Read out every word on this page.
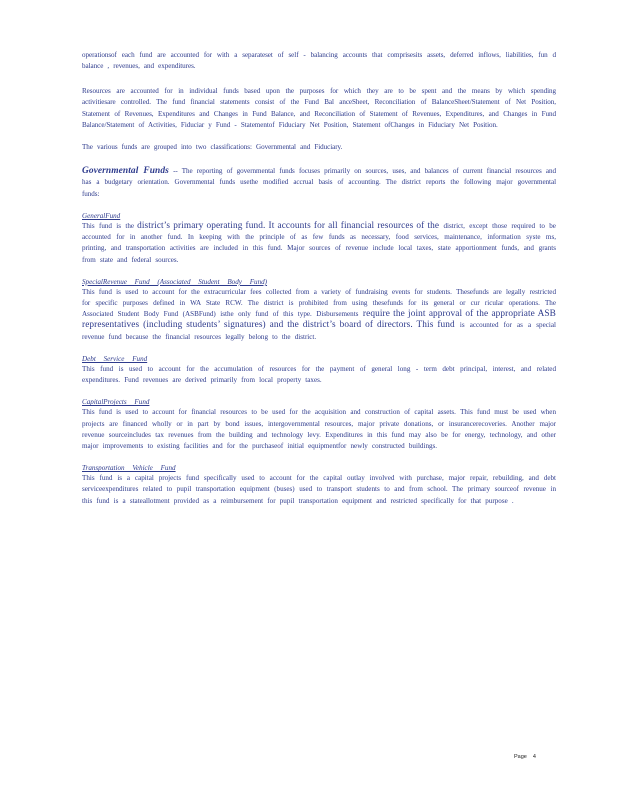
operationsof each fund are accounted for with a separateset of self - balancing accounts that comprisesits assets, deferred inflows, liabilities, fun d balance , revenues, and expenditures.

Resources are accounted for in individual funds based upon the purposes for which they are to be spent and the means by which spending activitiesare controlled. The fund financial statements consist of the Fund Bal anceSheet, Reconciliation of BalanceSheet/Statement of Net Position, Statement of Revenues, Expenditures and Changes in Fund Balance, and Reconciliation of Statement of Revenues, Expenditures, and Changes in Fund Balance/Statement of Activities, Fiduciar y Fund - Statementof Fiduciary Net Position, Statement ofChanges in Fiduciary Net Position.

The various funds are grouped into two classifications: Governmental and Fiduciary.

Governmental Funds -- The reporting of governmental funds focuses primarily on sources, uses, and balances of current financial resources and has a budgetary orientation. Governmental funds usethe modified accrual basis of accounting. The district reports the following major governmental funds:

GeneralFund

This fund is the district’s primary operating fund. It accounts for all financial resources of the district, except those required to be accounted for in another fund. In keeping with the principle of as few funds as necessary, food services, maintenance, information syste ms, printing, and transportation activities are included in this fund. Major sources of revenue include local taxes, state apportionment funds, and grants from state and federal sources.

SpecialRevenue Fund (Associated Student Body Fund)

This fund is used to account for the extracurricular fees collected from a variety of fundraising events for students. Thesefunds are legally restricted for specific purposes defined in WA State RCW. The district is prohibited from using thesefunds for its general or cur ricular operations. The Associated Student Body Fund (ASBFund) isthe only fund of this type. Disbursements require the joint approval of the appropriate ASB representatives (including students’ signatures) and the district’s board of directors. This fund is accounted for as a special revenue fund because the financial resources legally belong to the district.

Debt Service Fund

This fund is used to account for the accumulation of resources for the payment of general long - term debt principal, interest, and related expenditures. Fund revenues are derived primarily from local property taxes.

CapitalProjects Fund

This fund is used to account for financial resources to be used for the acquisition and construction of capital assets. This fund must be used when projects are financed wholly or in part by bond issues, intergovernmental resources, major private donations, or insurancerecoveries. Another major revenue sourceincludes tax revenues from the building and technology levy. Expenditures in this fund may also be for energy, technology, and other major improvements to existing facilities and for the purchaseof initial equipmentfor newly constructed buildings.

Transportation Vehicle Fund

This fund is a capital projects fund specifically used to account for the capital outlay involved with purchase, major repair, rebuilding, and debt serviceexpenditures related to pupil transportation equipment (buses) used to transport students to and from school. The primary sourceof revenue in this fund is a stateallotment provided as a reimbursement for pupil transportation equipment and restricted specifically for that purpose .

Page 4
